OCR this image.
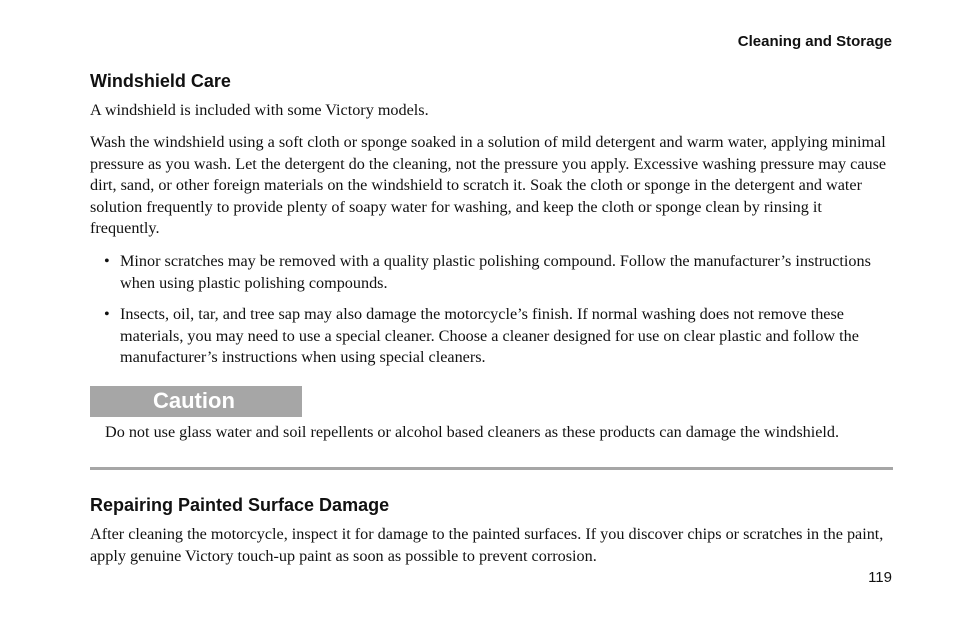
Cleaning and Storage
Windshield Care
A windshield is included with some Victory models.
Wash the windshield using a soft cloth or sponge soaked in a solution of mild detergent and warm water, applying minimal pressure as you wash. Let the detergent do the cleaning, not the pressure you apply. Excessive washing pressure may cause dirt, sand, or other foreign materials on the windshield to scratch it. Soak the cloth or sponge in the detergent and water solution frequently to provide plenty of soapy water for washing, and keep the cloth or sponge clean by rinsing it frequently.
• Minor scratches may be removed with a quality plastic polishing compound. Follow the manufacturer’s instructions when using plastic polishing compounds.
• Insects, oil, tar, and tree sap may also damage the motorcycle’s finish. If normal washing does not remove these materials, you may need to use a special cleaner. Choose a cleaner designed for use on clear plastic and follow the manufacturer’s instructions when using special cleaners.
Caution
Do not use glass water and soil repellents or alcohol based cleaners as these products can damage the windshield.
Repairing Painted Surface Damage
After cleaning the motorcycle, inspect it for damage to the painted surfaces. If you discover chips or scratches in the paint, apply genuine Victory touch-up paint as soon as possible to prevent corrosion.
119
